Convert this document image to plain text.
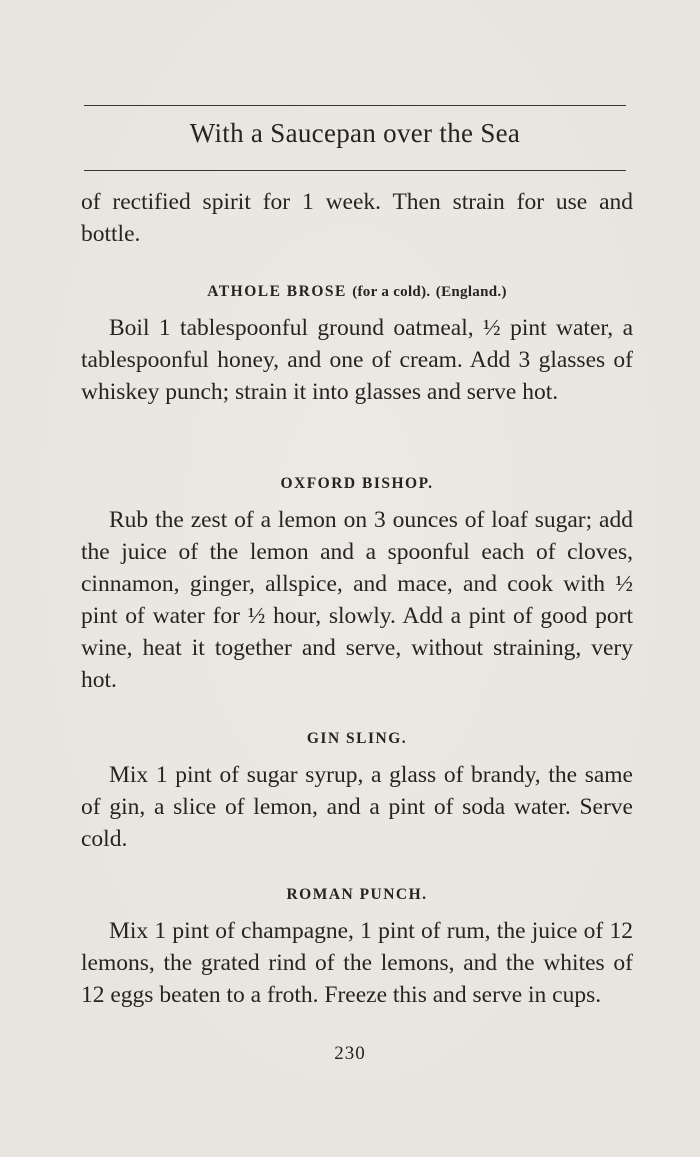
With a Saucepan over the Sea

of rectified spirit for 1 week. Then strain for use and bottle.

ATHOLE BROSE (for a cold). (England.)

Boil 1 tablespoonful ground oatmeal, ½ pint water, a tablespoonful honey, and one of cream. Add 3 glasses of whiskey punch; strain it into glasses and serve hot.

OXFORD BISHOP.

Rub the zest of a lemon on 3 ounces of loaf sugar; add the juice of the lemon and a spoonful each of cloves, cinnamon, ginger, allspice, and mace, and cook with ½ pint of water for ½ hour, slowly. Add a pint of good port wine, heat it together and serve, without straining, very hot.

GIN SLING.

Mix 1 pint of sugar syrup, a glass of brandy, the same of gin, a slice of lemon, and a pint of soda water. Serve cold.

ROMAN PUNCH.

Mix 1 pint of champagne, 1 pint of rum, the juice of 12 lemons, the grated rind of the lemons, and the whites of 12 eggs beaten to a froth. Freeze this and serve in cups.

230
